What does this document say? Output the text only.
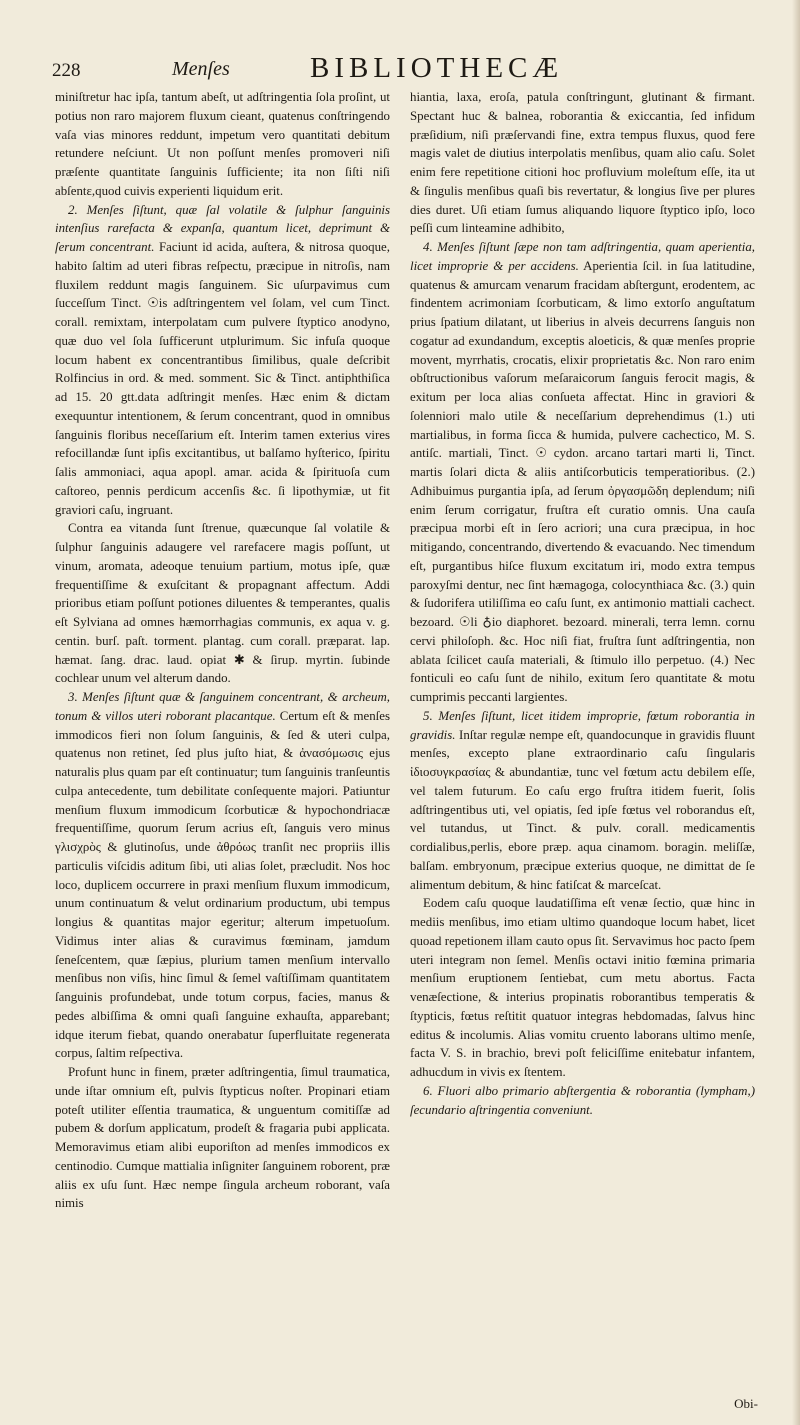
228	Menſes	BIBLIOTHECÆ

miniſtretur hac ipſa, tantum abeſt, ut adſtringentia ſola proſint, ut potius non raro majorem fluxum cieant, quatenus conſtringendo vaſa vias minores reddunt, impetum vero quantitati debitum retundere neſciunt. Ut non poſſunt menſes promoveri niſi præſente quantitate ſanguinis ſufficiente; ita non ſiſti niſi abſentε,quod cuivis experienti liquidum erit.

2. Menſes ſiſtunt, quæ ſal volatile & ſulphur ſanguinis intenſius rarefacta & expanſa, quantum licet, deprimunt & ſerum concentrant. Faciunt id acida, auſtera, & nitrosa quoque, habito ſaltim ad uteri fibras reſpectu, præcipue in nitroſis, nam fluxilem reddunt magis ſanguinem. Sic uſurpavimus cum ſucceſſum Tinct. ☉is adſtringentem vel ſolam, vel cum Tinct. corall. remixtam, interpolatam cum pulvere ſtyptico anodyno, quæ duo vel ſola ſufficerunt utplurimum. Sic infuſa quoque locum habent ex concentrantibus ſimilibus, quale deſcribit Rolfincius in ord. & med. somment. Sic & Tinct. antiphthiſica ad 15. 20 gtt.data adſtringit menſes. Hæc enim & dictam exequuntur intentionem, & ſerum concentrant, quod in omnibus ſanguinis floribus neceſſarium eſt. Interim tamen exterius vires refocillandæ ſunt ipſis excitantibus, ut balſamo hyſterico, ſpiritu ſalis ammoniaci, aqua apopl. amar. acida & ſpirituoſa cum caſtoreo, pennis perdicum accenſis &c. ſi lipothymiæ, ut fit graviori caſu, ingruant.

Contra ea vitanda ſunt ſtrenue, quæcunque ſal volatile & ſulphur ſanguinis adaugere vel rarefacere magis poſſunt, ut vinum, aromata, adeoque tenuium partium, motus ipſe, quæ frequentiſſime & exuſcitant & propagnant affectum. Addi prioribus etiam poſſunt potiones diluentes & temperantes, qualis eſt Sylviana ad omnes hæmorrhagias communis, ex aqua v. g. centin. burſ. paſt. torment. plantag. cum corall. præparat. lap. hæmat. ſang. drac. laud. opiat ✱ & ſirup. myrtin. ſubinde cochlear unum vel alterum dando.

3. Menſes ſiſtunt quæ & ſanguinem concentrant, & archeum, tonum & villos uteri roborant placantque. Certum eſt & menſes immodicos fieri non ſolum ſanguinis, & ſed & uteri culpa, quatenus non retinet, ſed plus juſto hiat, & ἀνασόμωσις ejus naturalis plus quam par eſt continuatur; tum ſanguinis tranſeuntis culpa antecedente, tum debilitate conſequente majori. Patiuntur menſium fluxum immodicum ſcorbuticæ & hypochondriacæ frequentiſſime, quorum ſerum acrius eſt, ſanguis vero minus γλισχρὸς & glutinoſus, unde ἀθρόως tranſit nec propriis illis particulis viſcidis aditum ſibi, uti alias ſolet, præcludit. Nos hoc loco, duplicem occurrere in praxi menſium fluxum immodicum, unum continuatum & velut ordinarium productum, ubi tempus longius & quantitas major egeritur; alterum impetuoſum. Vidimus inter alias & curavimus fœminam, jamdum ſeneſcentem, quæ ſæpius, plurium tamen menſium intervallo menſibus non viſis, hinc ſimul & ſemel vaſtiſſimam quantitatem ſanguinis profundebat, unde totum corpus, facies, manus & pedes albiſſima & omni quaſi ſanguine exhauſta, apparebant; idque iterum fiebat, quando onerabatur ſuperfluitate regenerata corpus, ſaltim reſpectiva.

Profunt hunc in finem, præter adſtringentia, ſimul traumatica, unde iſtar omnium eſt, pulvis ſtypticus noſter. Propinari etiam poteſt utiliter eſſentia traumatica, & unguentum comitiſſæ ad pubem & dorſum applicatum, prodeſt & fragaria pubi applicata. Memoravimus etiam alibi euporiſton ad menſes immodicos ex centinodio. Cumque mattialia inſigniter ſanguinem roborent, præ aliis ex uſu ſunt. Hæc nempe ſingula archeum roborant, vaſa nimis

hiantia, laxa, eroſa, patula conſtringunt, glutinant & firmant. Spectant huc & balnea, roborantia & exiccantia, ſed infidum præſidium, niſi præſervandi fine, extra tempus fluxus, quod fere magis valet de diutius interpolatis menſibus, quam alio caſu. Solet enim fere repetitione citioni hoc profluvium moleſtum eſſe, ita ut & ſingulis menſibus quaſi bis revertatur, & longius ſive per plures dies duret. Uſi etiam ſumus aliquando liquore ſtyptico ipſo, loco peſſi cum linteamine adhibito,

4. Menſes ſiſtunt ſæpe non tam adſtringentia, quam aperientia, licet improprie & per accidens. Aperientia ſcil. in ſua latitudine, quatenus & amurcam venarum fracidam abſtergunt, erodentem, ac findentem acrimoniam ſcorbuticam, & limo extorſo anguſtatum prius ſpatium dilatant, ut liberius in alveis decurrens ſanguis non cogatur ad exundandum, exceptis aloeticis, & quæ menſes proprie movent, myrrhatis, crocatis, elixir proprietatis &c. Non raro enim obſtructionibus vaſorum meſaraicorum ſanguis ferocit magis, & exitum per loca alias conſueta affectat. Hinc in graviori & ſolenniori malo utile & neceſſarium deprehendimus (1.) uti martialibus, in forma ſicca & humida, pulvere cachectico, M. S. antiſc. martiali, Tinct. ☉ cydon. arcano tartari marti li, Tinct. martis ſolari dicta & aliis antiſcorbuticis temperatioribus. (2.) Adhibuimus purgantia ipſa, ad ſerum ὀργασμῶδη deplendum; niſi enim ſerum corrigatur, fruſtra eſt curatio omnis. Una cauſa præcipua morbi eſt in ſero acriori; una cura præcipua, in hoc mitigando, concentrando, divertendo & evacuando. Nec timendum eſt, purgantibus hiſce fluxum excitatum iri, modo extra tempus paroxyſmi dentur, nec ſint hæmagoga, colocynthiaca &c. (3.) quin & ſudorifera utiliſſima eo caſu ſunt, ex antimonio mattiali cachect. bezoard. ☉li ♁io diaphoret. bezoard. minerali, terra lemn. cornu cervi philoſoph. &c. Hoc niſi fiat, fruſtra ſunt adſtringentia, non ablata ſcilicet cauſa materiali, & ſtimulo illo perpetuo. (4.) Nec fonticuli eo caſu ſunt de nihilo, exitum ſero quantitate & motu cumprimis peccanti largientes.

5. Menſes ſiſtunt, licet itidem improprie, fœtum roborantia in gravidis. Inſtar regulæ nempe eſt, quandocunque in gravidis fluunt menſes, excepto plane extraordinario caſu ſingularis ἰδιοσυγκρασίας & abundantiæ, tunc vel fœtum actu debilem eſſe, vel talem futurum. Eo caſu ergo fruſtra itidem fuerit, ſolis adſtringentibus uti, vel opiatis, ſed ipſe fœtus vel roborandus eſt, vel tutandus, ut Tinct. & pulv. corall. medicamentis cordialibus,perlis, ebore præp. aqua cinamom. boragin. meliſſæ, balſam. embryonum, præcipue exterius quoque, ne dimittat de ſe alimentum debitum, & hinc fatiſcat & marceſcat.

Eodem caſu quoque laudatiſſima eſt venæ ſectio, quæ hinc in mediis menſibus, imo etiam ultimo quandoque locum habet, licet quoad repetionem illam cauto opus ſit. Servavimus hoc pacto ſpem uteri integram non ſemel. Menſis octavi initio fœmina primaria menſium eruptionem ſentiebat, cum metu abortus. Facta venæſectione, & interius propinatis roborantibus temperatis & ſtypticis, fœtus reſtitit quatuor integras hebdomadas, ſalvus hinc editus & incolumis. Alias vomitu cruento laborans ultimo menſe, facta V. S. in brachio, brevi poſt feliciſſime enitebatur infantem, adhucdum in vivis ex ſtentem.

6. Fluori albo primario abſtergentia & roborantia (lympham,) ſecundario aſtringentia conveniunt.

Obi-
